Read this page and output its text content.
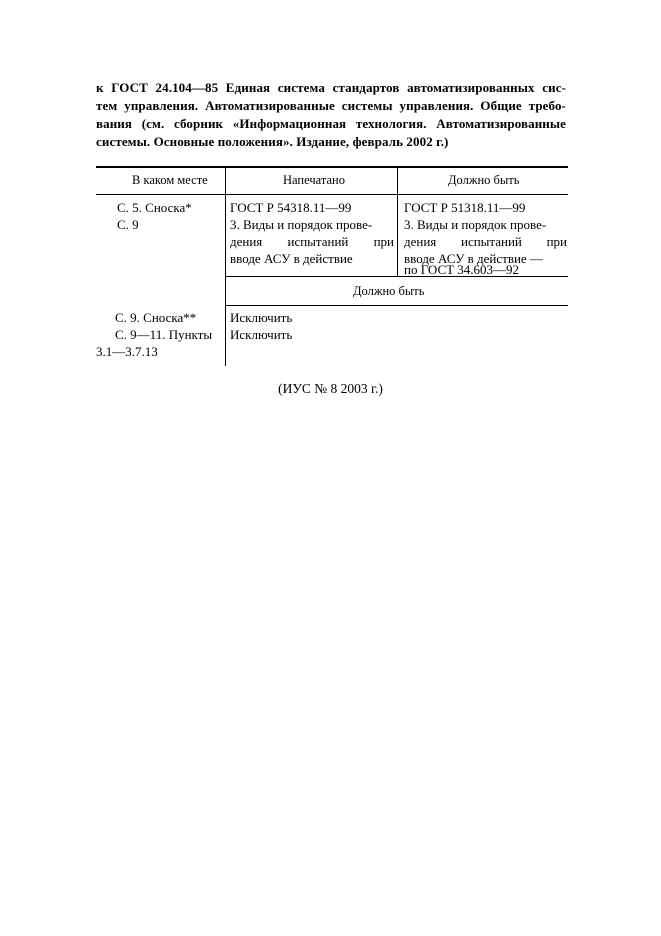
к ГОСТ 24.104—85 Единая система стандартов автоматизированных сис-
тем управления. Автоматизированные системы управления. Общие требо-
вания (см. сборник «Информационная технология. Автоматизированные
системы. Основные положения». Издание, февраль 2002 г.)
В каком месте	Напечатано	Должно быть
С. 5. Сноска*
С. 9
ГОСТ Р 54318.11—99
3. Виды и порядок прове-
дения испытаний при
вводе АСУ в действие
ГОСТ Р 51318.11—99
3. Виды и порядок прове-
дения испытаний при
вводе АСУ в действие —
по ГОСТ 34.603—92
Должно быть
С. 9. Сноска**
С. 9—11. Пункты
3.1—3.7.13
Исключить
Исключить
(ИУС № 8 2003 г.)
